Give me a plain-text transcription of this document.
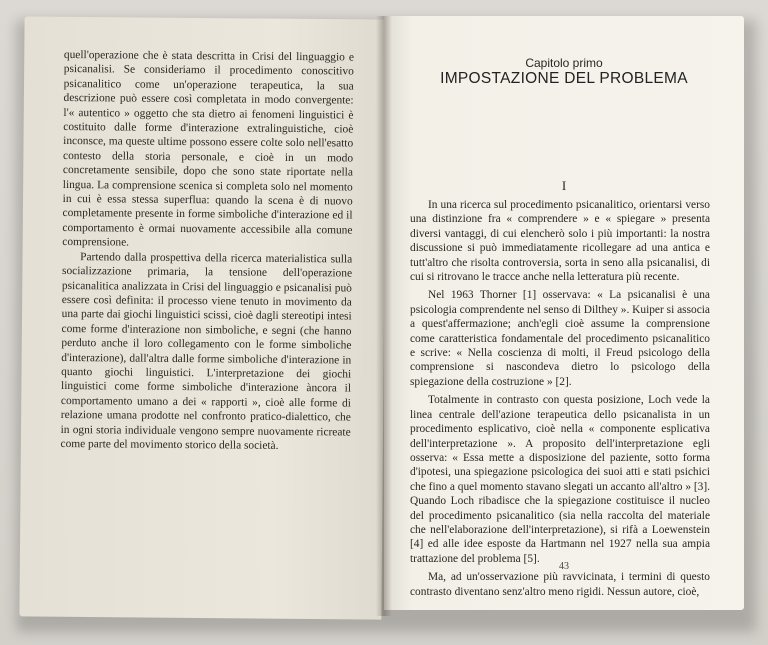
quell'operazione che è stata descritta in Crisi del linguaggio e psicanalisi. Se consideriamo il procedimento conoscitivo psicanalitico come un'operazione terapeutica, la sua descrizione può essere così completata in modo convergente: l'« autentico » oggetto che sta dietro ai fenomeni linguistici è costituito dalle forme d'interazione extralinguistiche, cioè inconsce, ma queste ultime possono essere colte solo nell'esatto contesto della storia personale, e cioè in un modo concretamente sensibile, dopo che sono state riportate nella lingua. La comprensione scenica si completa solo nel momento in cui è essa stessa superflua: quando la scena è di nuovo completamente presente in forme simboliche d'interazione ed il comportamento è ormai nuovamente accessibile alla comune comprensione.

Partendo dalla prospettiva della ricerca materialistica sulla socializzazione primaria, la tensione dell'operazione psicanalitica analizzata in Crisi del linguaggio e psicanalisi può essere così definita: il processo viene tenuto in movimento da una parte dai giochi linguistici scissi, cioè dagli stereotipi intesi come forme d'interazione non simboliche, e segni (che hanno perduto anche il loro collegamento con le forme simboliche d'interazione), dall'altra dalle forme simboliche d'interazione in quanto giochi linguistici. L'interpretazione dei giochi linguistici come forme simboliche d'interazione àncora il comportamento umano a dei « rapporti », cioè alle forme di relazione umana prodotte nel confronto pratico-dialettico, che in ogni storia individuale vengono sempre nuovamente ricreate come parte del movimento storico della società.

Capitolo primo
IMPOSTAZIONE DEL PROBLEMA
I

In una ricerca sul procedimento psicanalitico, orientarsi verso una distinzione fra « comprendere » e « spiegare » presenta diversi vantaggi, di cui elencherò solo i più importanti: la nostra discussione si può immediatamente ricollegare ad una antica e tutt'altro che risolta controversia, sorta in seno alla psicanalisi, di cui si ritrovano le tracce anche nella letteratura più recente.

Nel 1963 Thorner [1] osservava: « La psicanalisi è una psicologia comprendente nel senso di Dilthey ». Kuiper si associa a quest'affermazione; anch'egli cioè assume la comprensione come caratteristica fondamentale del procedimento psicanalitico e scrive: « Nella coscienza di molti, il Freud psicologo della comprensione si nascondeva dietro lo psicologo della spiegazione della costruzione » [2].

Totalmente in contrasto con questa posizione, Loch vede la linea centrale dell'azione terapeutica dello psicanalista in un procedimento esplicativo, cioè nella « componente esplicativa dell'interpretazione ». A proposito dell'interpretazione egli osserva: « Essa mette a disposizione del paziente, sotto forma d'ipotesi, una spiegazione psicologica dei suoi atti e stati psichici che fino a quel momento stavano slegati un accanto all'altro » [3]. Quando Loch ribadisce che la spiegazione costituisce il nucleo del procedimento psicanalitico (sia nella raccolta del materiale che nell'elaborazione dell'interpretazione), si rifà a Loewenstein [4] ed alle idee esposte da Hartmann nel 1927 nella sua ampia trattazione del problema [5].

Ma, ad un'osservazione più ravvicinata, i termini di questo contrasto diventano senz'altro meno rigidi. Nessun autore, cioè,

43
